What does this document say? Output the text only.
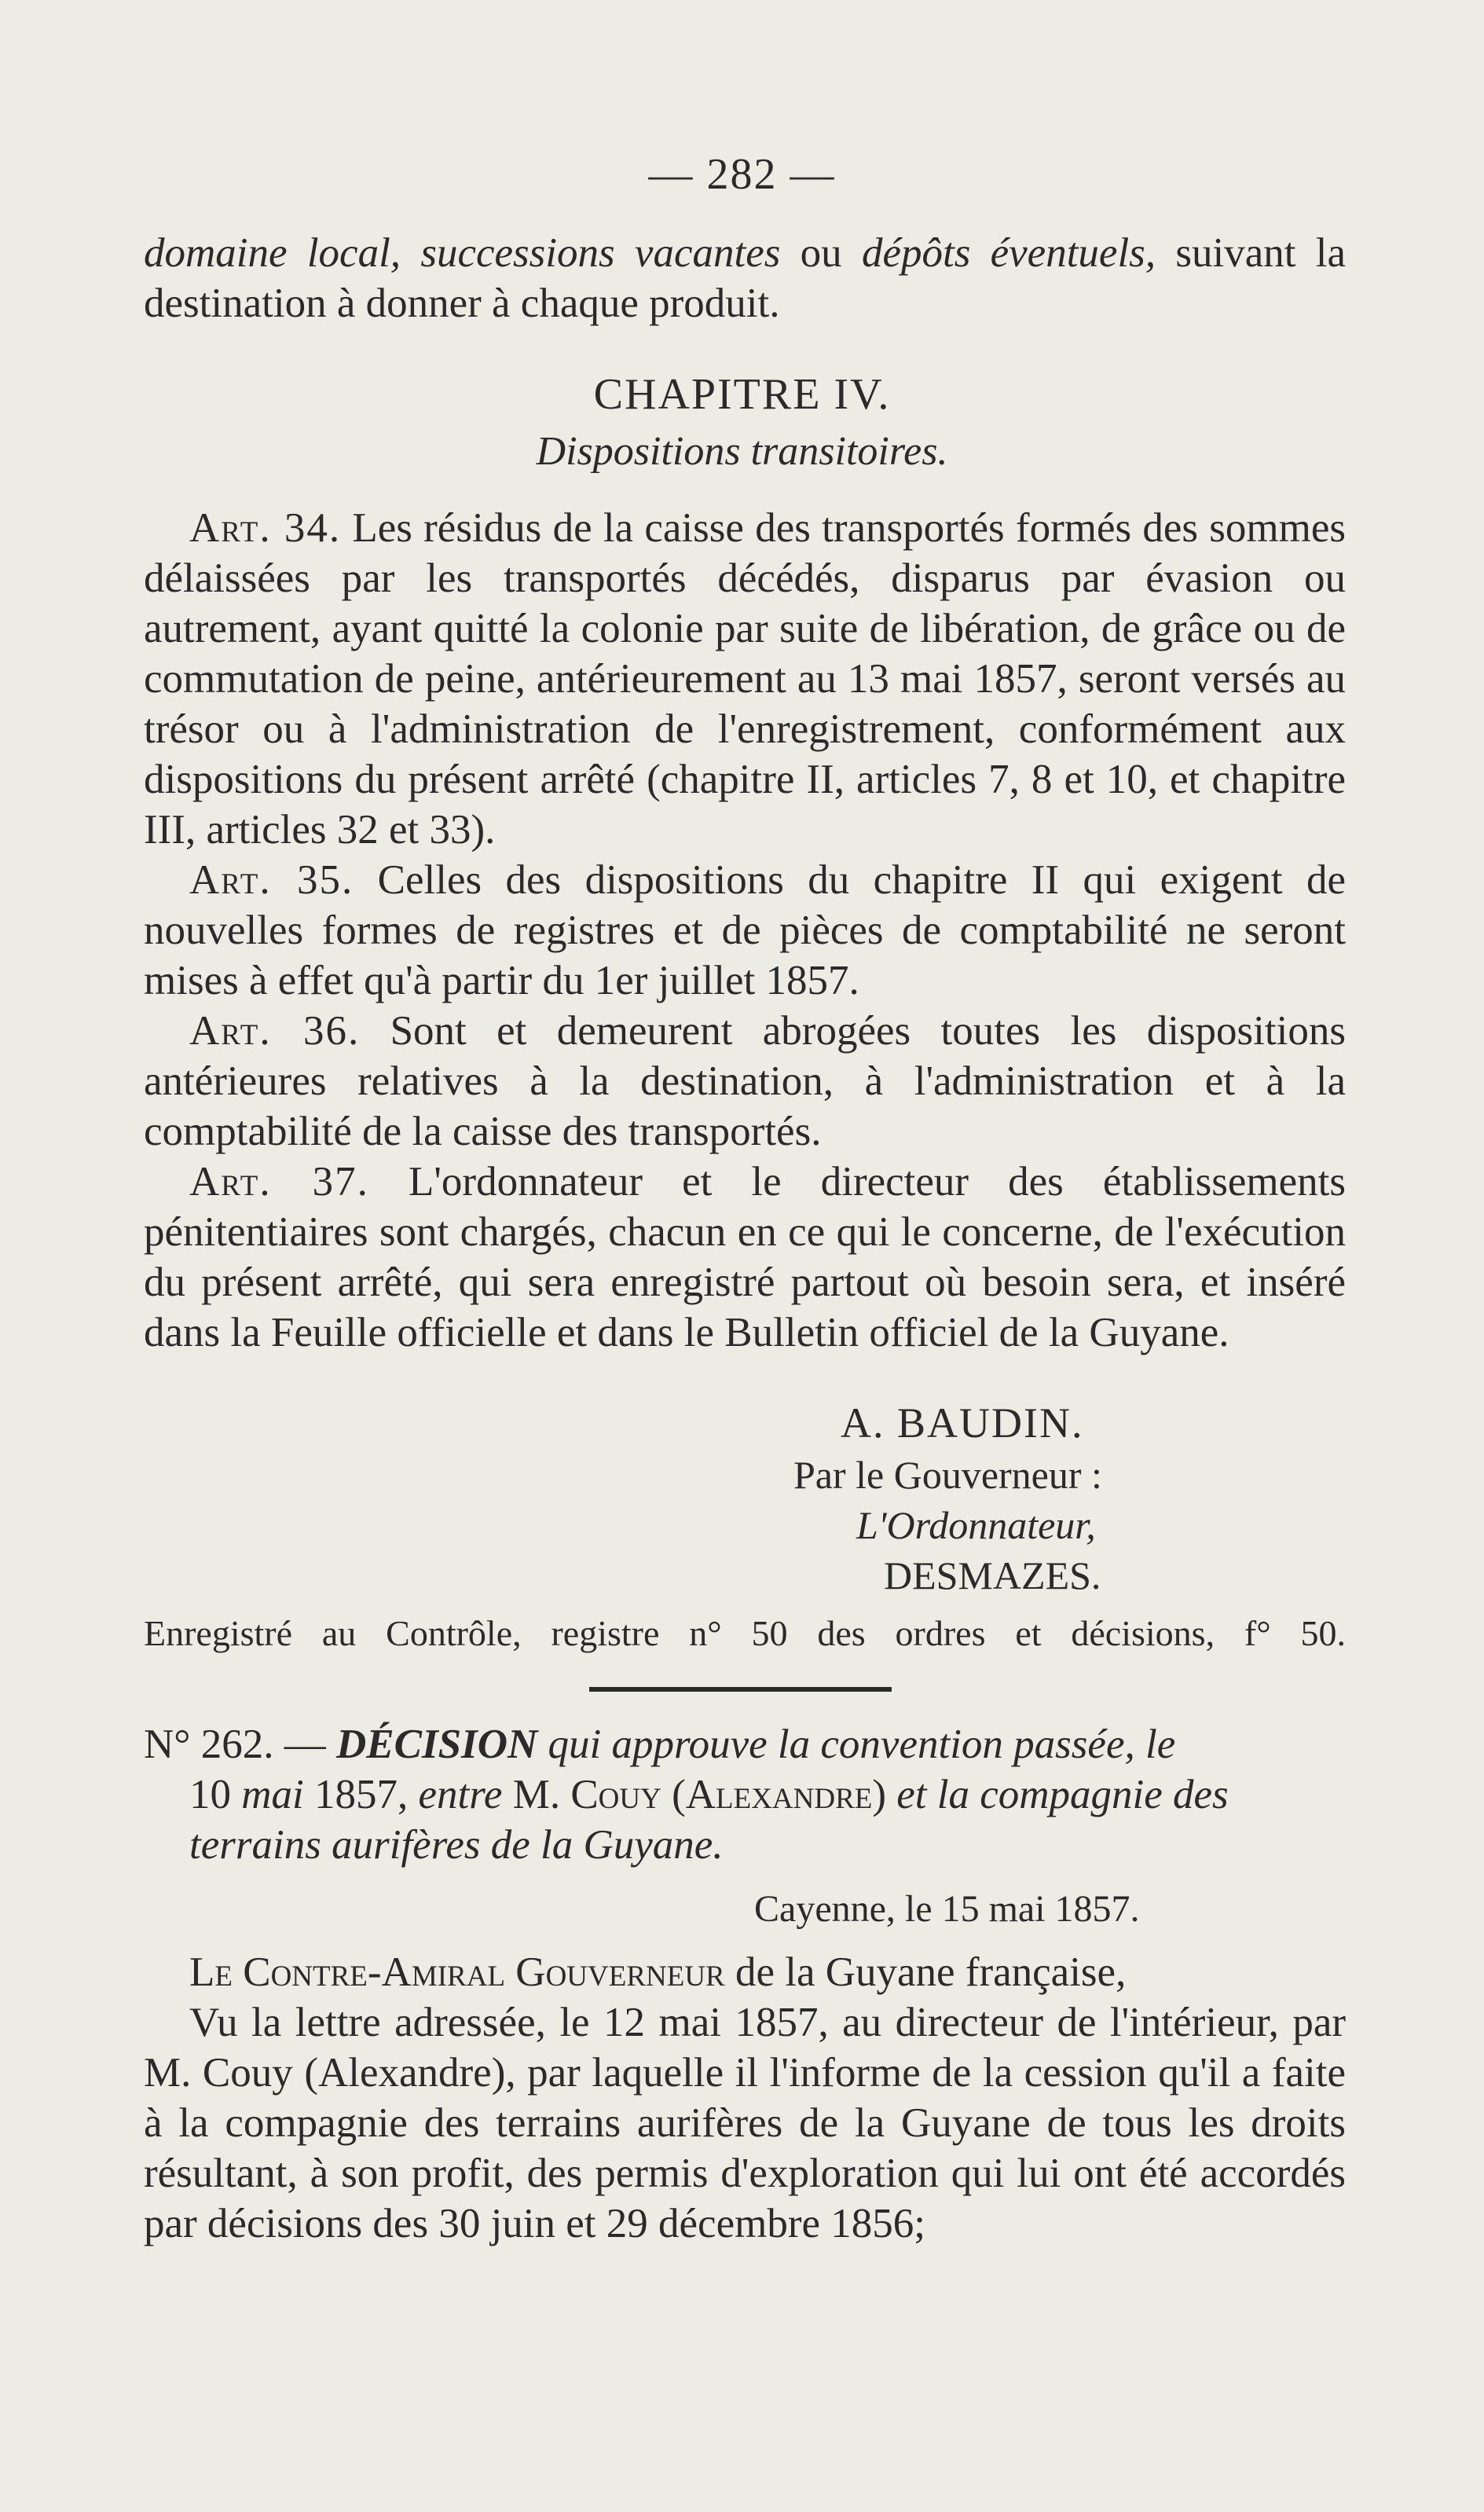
— 282 —

domaine local, successions vacantes ou dépôts éventuels, suivant la destination à donner à chaque produit.

CHAPITRE IV.
Dispositions transitoires.

Art. 34. Les résidus de la caisse des transportés formés des sommes délaissées par les transportés décédés, disparus par évasion ou autrement, ayant quitté la colonie par suite de libération, de grâce ou de commutation de peine, antérieurement au 13 mai 1857, seront versés au trésor ou à l'administration de l'enregistrement, conformément aux dispositions du présent arrêté (chapitre II, articles 7, 8 et 10, et chapitre III, articles 32 et 33).

Art. 35. Celles des dispositions du chapitre II qui exigent de nouvelles formes de registres et de pièces de comptabilité ne seront mises à effet qu'à partir du 1er juillet 1857.

Art. 36. Sont et demeurent abrogées toutes les dispositions antérieures relatives à la destination, à l'administration et à la comptabilité de la caisse des transportés.

Art. 37. L'ordonnateur et le directeur des établissements pénitentiaires sont chargés, chacun en ce qui le concerne, de l'exécution du présent arrêté, qui sera enregistré partout où besoin sera, et inséré dans la Feuille officielle et dans le Bulletin officiel de la Guyane.

A. BAUDIN.
Par le Gouverneur :
L'Ordonnateur,
DESMAZES.
Enregistré au Contrôle, registre n° 50 des ordres et décisions, f° 50.

N° 262. — DÉCISION qui approuve la convention passée, le

10 mai 1857, entre M. Couy (Alexandre) et la compagnie des

terrains aurifères de la Guyane.

Cayenne, le 15 mai 1857.

Le Contre-Amiral Gouverneur de la Guyane française,

Vu la lettre adressée, le 12 mai 1857, au directeur de l'intérieur, par M. Couy (Alexandre), par laquelle il l'informe de la cession qu'il a faite à la compagnie des terrains aurifères de la Guyane de tous les droits résultant, à son profit, des permis d'exploration qui lui ont été accordés par décisions des 30 juin et 29 décembre 1856;
